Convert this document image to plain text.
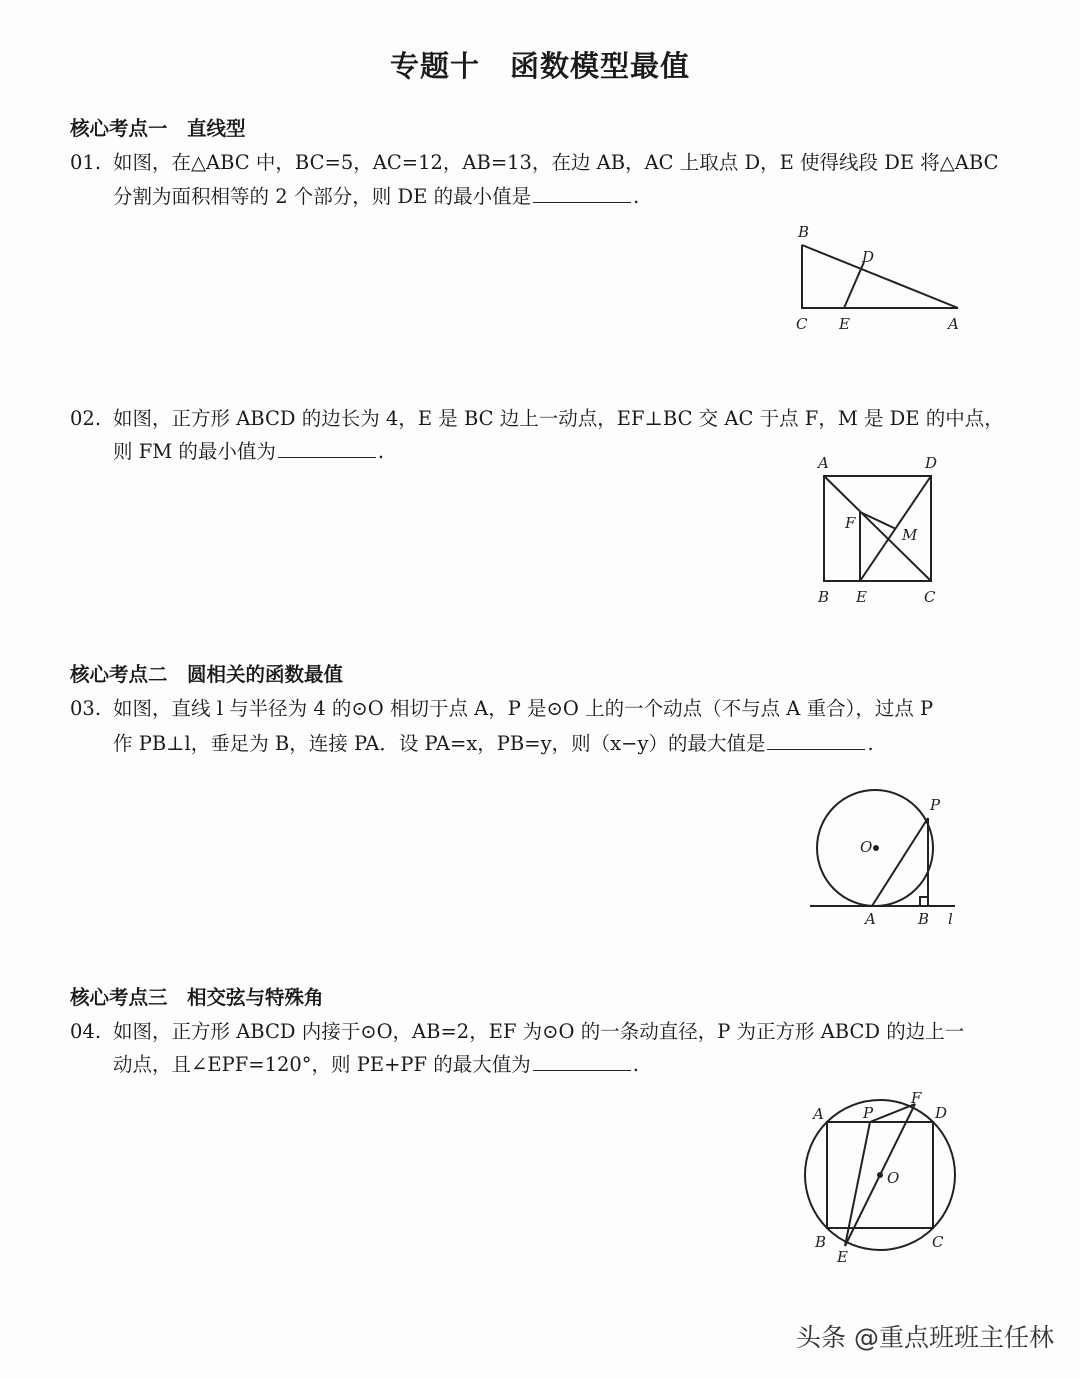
专题十　函数模型最值
核心考点一　直线型
01. 如图，在△ABC 中，BC=5，AC=12，AB=13，在边 AB，AC 上取点 D，E 使得线段 DE 将△ABC
分割为面积相等的 2 个部分，则 DE 的最小值是	.
B
D
C E	A
02. 如图，正方形 ABCD 的边长为 4，E 是 BC 边上一动点，EF⊥BC 交 AC 于点 F，M 是 DE 的中点，
则 FM 的最小值为	.	A	D
F
M
B E	C
核心考点二　圆相关的函数最值
03. 如图，直线 l 与半径为 4 的⊙O 相切于点 A，P 是⊙O 上的一个动点（不与点 A 重合），过点 P
作 PB⊥l，垂足为 B，连接 PA．设 PA=x，PB=y，则（x−y）的最大值是	.
P
O
A	B l
核心考点三　相交弦与特殊角
04. 如图，正方形 ABCD 内接于⊙O，AB=2，EF 为⊙O 的一条动直径，P 为正方形 ABCD 的边上一
动点，且∠EPF=120°，则 PE+PF 的最大值为	.
A	P
F
D
O
B
E
C
头条 @重点班班主任林
